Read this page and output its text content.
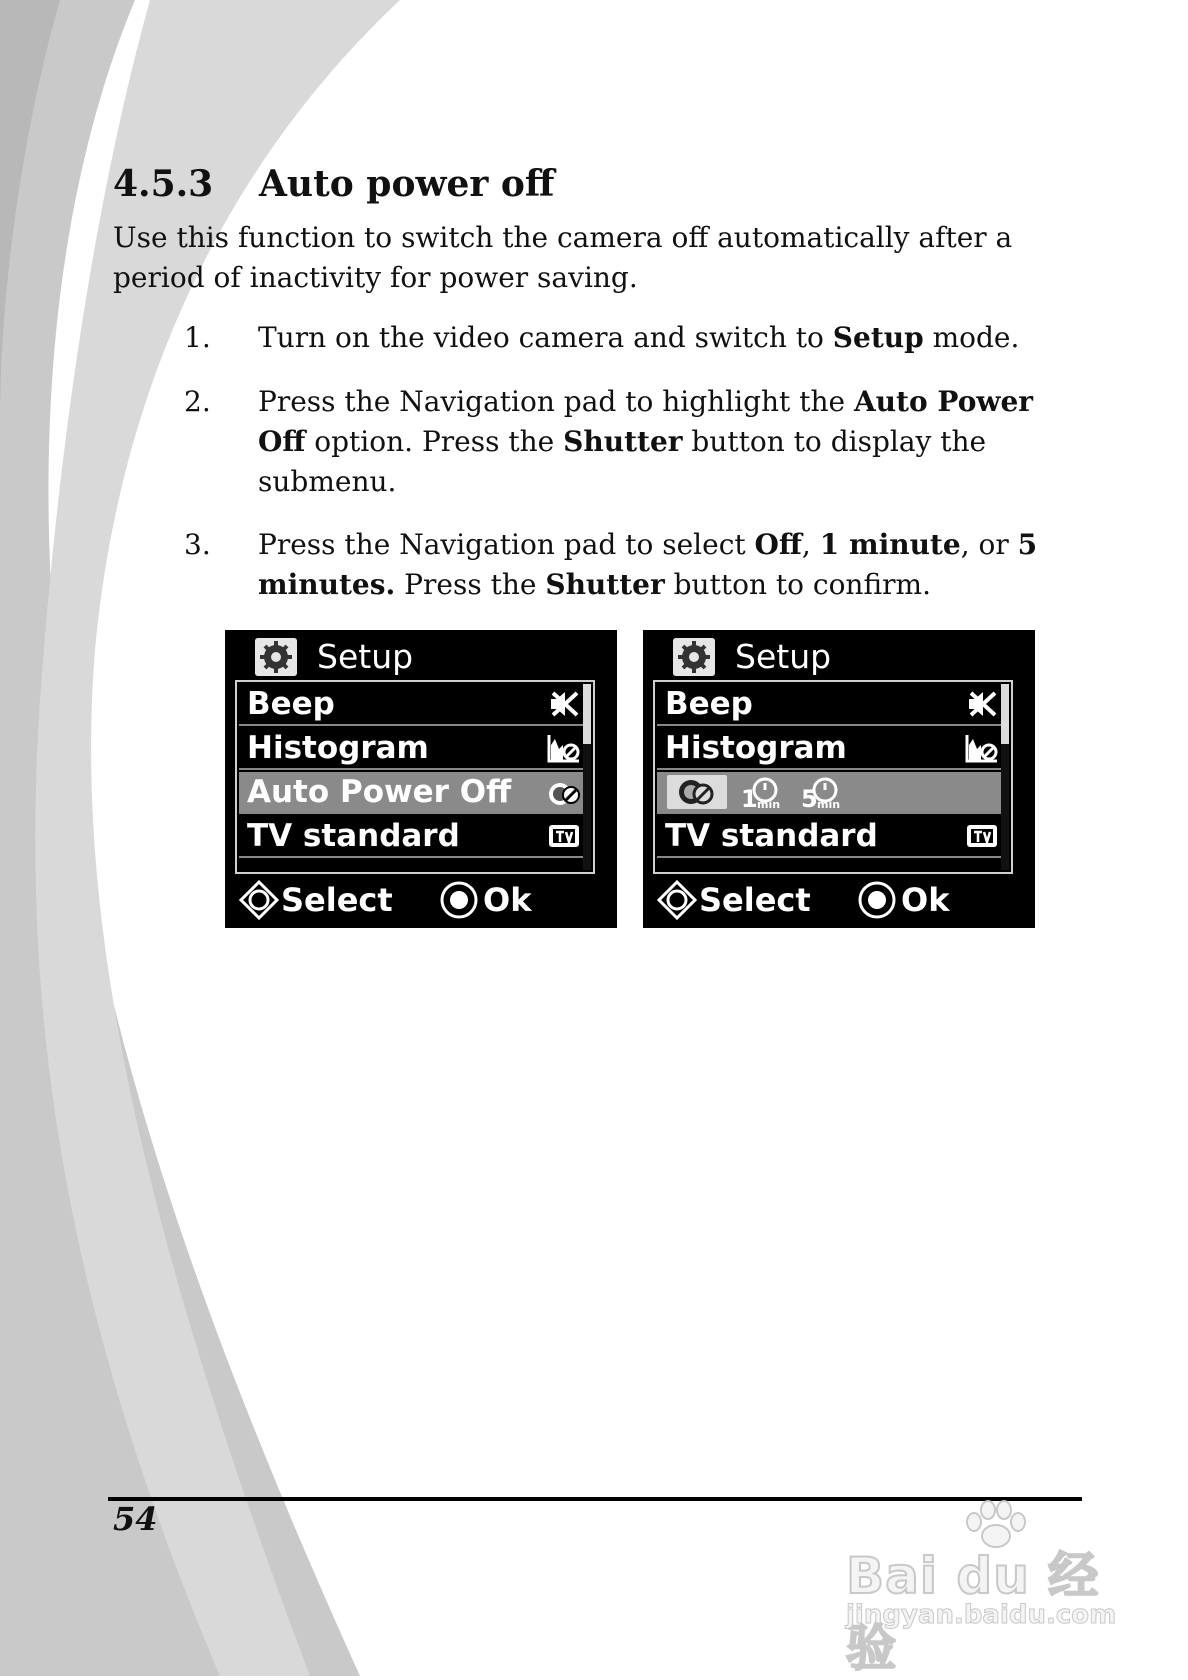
4.5.3 Auto power off

Use this function to switch the camera off automatically after a period of inactivity for power saving.

1.	Turn on the video camera and switch to Setup mode.
2.	Press the Navigation pad to highlight the Auto Power Off option. Press the Shutter button to display the submenu.
3.	Press the Navigation pad to select Off, 1 minute, or 5 minutes. Press the Shutter button to confirm.
Setup
Beep
Histogram
Auto Power Off
TV standard
Select	Ok
Setup
Beep
Histogram
1 min 5 min
TV standard
Select	Ok
54
Bai du 经验
jingyan.baidu.com
